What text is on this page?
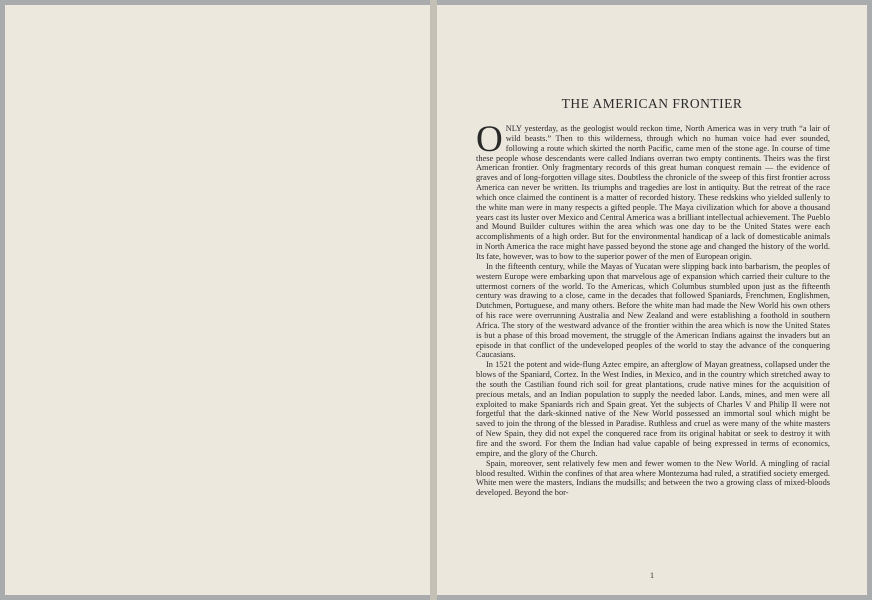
THE AMERICAN FRONTIER

ONLY yesterday, as the geologist would reckon time, North America was in very truth “a lair of wild beasts.” Then to this wilderness, through which no human voice had ever sounded, following a route which skirted the north Pacific, came men of the stone age. In course of time these people whose descendants were called Indians overran two empty continents. Theirs was the first American frontier. Only fragmentary records of this great human conquest remain — the evidence of graves and of long-forgotten village sites. Doubtless the chronicle of the sweep of this first frontier across America can never be written. Its triumphs and tragedies are lost in antiquity. But the retreat of the race which once claimed the continent is a matter of recorded history. These redskins who yielded sullenly to the white man were in many respects a gifted people. The Maya civilization which for above a thousand years cast its luster over Mexico and Central America was a brilliant intellectual achievement. The Pueblo and Mound Builder cultures within the area which was one day to be the United States were each accomplishments of a high order. But for the environmental handicap of a lack of domesticable animals in North America the race might have passed beyond the stone age and changed the history of the world. Its fate, however, was to bow to the superior power of the men of European origin.

In the fifteenth century, while the Mayas of Yucatan were slipping back into barbarism, the peoples of western Europe were embarking upon that marvelous age of expansion which carried their culture to the uttermost corners of the world. To the Americas, which Columbus stumbled upon just as the fifteenth century was drawing to a close, came in the decades that followed Spaniards, Frenchmen, Englishmen, Dutchmen, Portuguese, and many others. Before the white man had made the New World his own others of his race were overrunning Australia and New Zealand and were establishing a foothold in southern Africa. The story of the westward advance of the frontier within the area which is now the United States is but a phase of this broad movement, the struggle of the American Indians against the invaders but an episode in that conflict of the undeveloped peoples of the world to stay the advance of the conquering Caucasians.

In 1521 the potent and wide-flung Aztec empire, an afterglow of Mayan greatness, collapsed under the blows of the Spaniard, Cortez. In the West Indies, in Mexico, and in the country which stretched away to the south the Castilian found rich soil for great plantations, crude native mines for the acquisition of precious metals, and an Indian population to supply the needed labor. Lands, mines, and men were all exploited to make Spaniards rich and Spain great. Yet the subjects of Charles V and Philip II were not forgetful that the dark-skinned native of the New World possessed an immortal soul which might be saved to join the throng of the blessed in Paradise. Ruthless and cruel as were many of the white masters of New Spain, they did not expel the conquered race from its original habitat or seek to destroy it with fire and the sword. For them the Indian had value capable of being expressed in terms of economics, empire, and the glory of the Church.

Spain, moreover, sent relatively few men and fewer women to the New World. A mingling of racial blood resulted. Within the confines of that area where Montezuma had ruled, a stratified society emerged. White men were the masters, Indians the mudsills; and between the two a growing class of mixed-bloods developed. Beyond the bor-

1
